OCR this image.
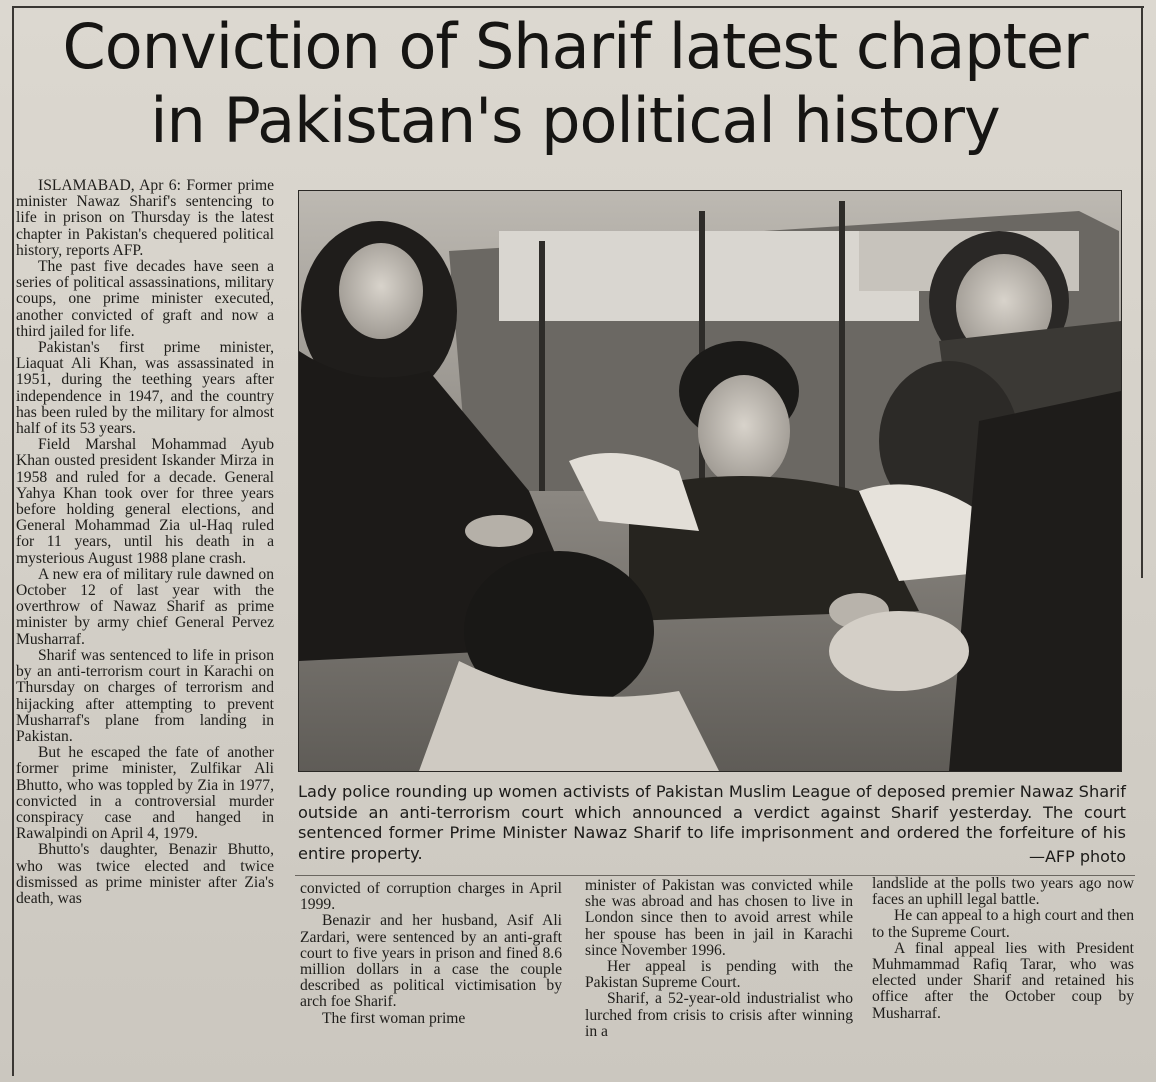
Conviction of Sharif latest chapter
in Pakistan's political history

ISLAMABAD, Apr 6: Former prime minister Nawaz Sharif's sentencing to life in prison on Thursday is the latest chapter in Pakistan's chequered political history, reports AFP.

The past five decades have seen a series of political assassinations, military coups, one prime minister executed, another convicted of graft and now a third jailed for life.

Pakistan's first prime minister, Liaquat Ali Khan, was assassinated in 1951, during the teething years after independence in 1947, and the country has been ruled by the military for almost half of its 53 years.

Field Marshal Mohammad Ayub Khan ousted president Iskander Mirza in 1958 and ruled for a decade. General Yahya Khan took over for three years before holding general elections, and General Mohammad Zia ul-Haq ruled for 11 years, until his death in a mysterious August 1988 plane crash.

A new era of military rule dawned on October 12 of last year with the overthrow of Nawaz Sharif as prime minister by army chief General Pervez Musharraf.

Sharif was sentenced to life in prison by an anti-terrorism court in Karachi on Thursday on charges of terrorism and hijacking after attempting to prevent Musharraf's plane from landing in Pakistan.

But he escaped the fate of another former prime minister, Zulfikar Ali Bhutto, who was toppled by Zia in 1977, convicted in a controversial murder conspiracy case and hanged in Rawalpindi on April 4, 1979.

Bhutto's daughter, Benazir Bhutto, who was twice elected and twice dismissed as prime minister after Zia's death, was

Lady police rounding up women activists of Pakistan Muslim League of deposed premier Nawaz Sharif outside an anti-terrorism court which announced a verdict against Sharif yesterday. The court sentenced former Prime Minister Nawaz Sharif to life imprisonment and ordered the forfeiture of his entire property.	—AFP photo

convicted of corruption charges in April 1999.

Benazir and her husband, Asif Ali Zardari, were sentenced by an anti-graft court to five years in prison and fined 8.6 million dollars in a case the couple described as political victimisation by arch foe Sharif.

The first woman prime

minister of Pakistan was convicted while she was abroad and has chosen to live in London since then to avoid arrest while her spouse has been in jail in Karachi since November 1996.

Her appeal is pending with the Pakistan Supreme Court.

Sharif, a 52-year-old industrialist who lurched from crisis to crisis after winning in a

landslide at the polls two years ago now faces an uphill legal battle.

He can appeal to a high court and then to the Supreme Court.

A final appeal lies with President Muhmammad Rafiq Tarar, who was elected under Sharif and retained his office after the October coup by Musharraf.
